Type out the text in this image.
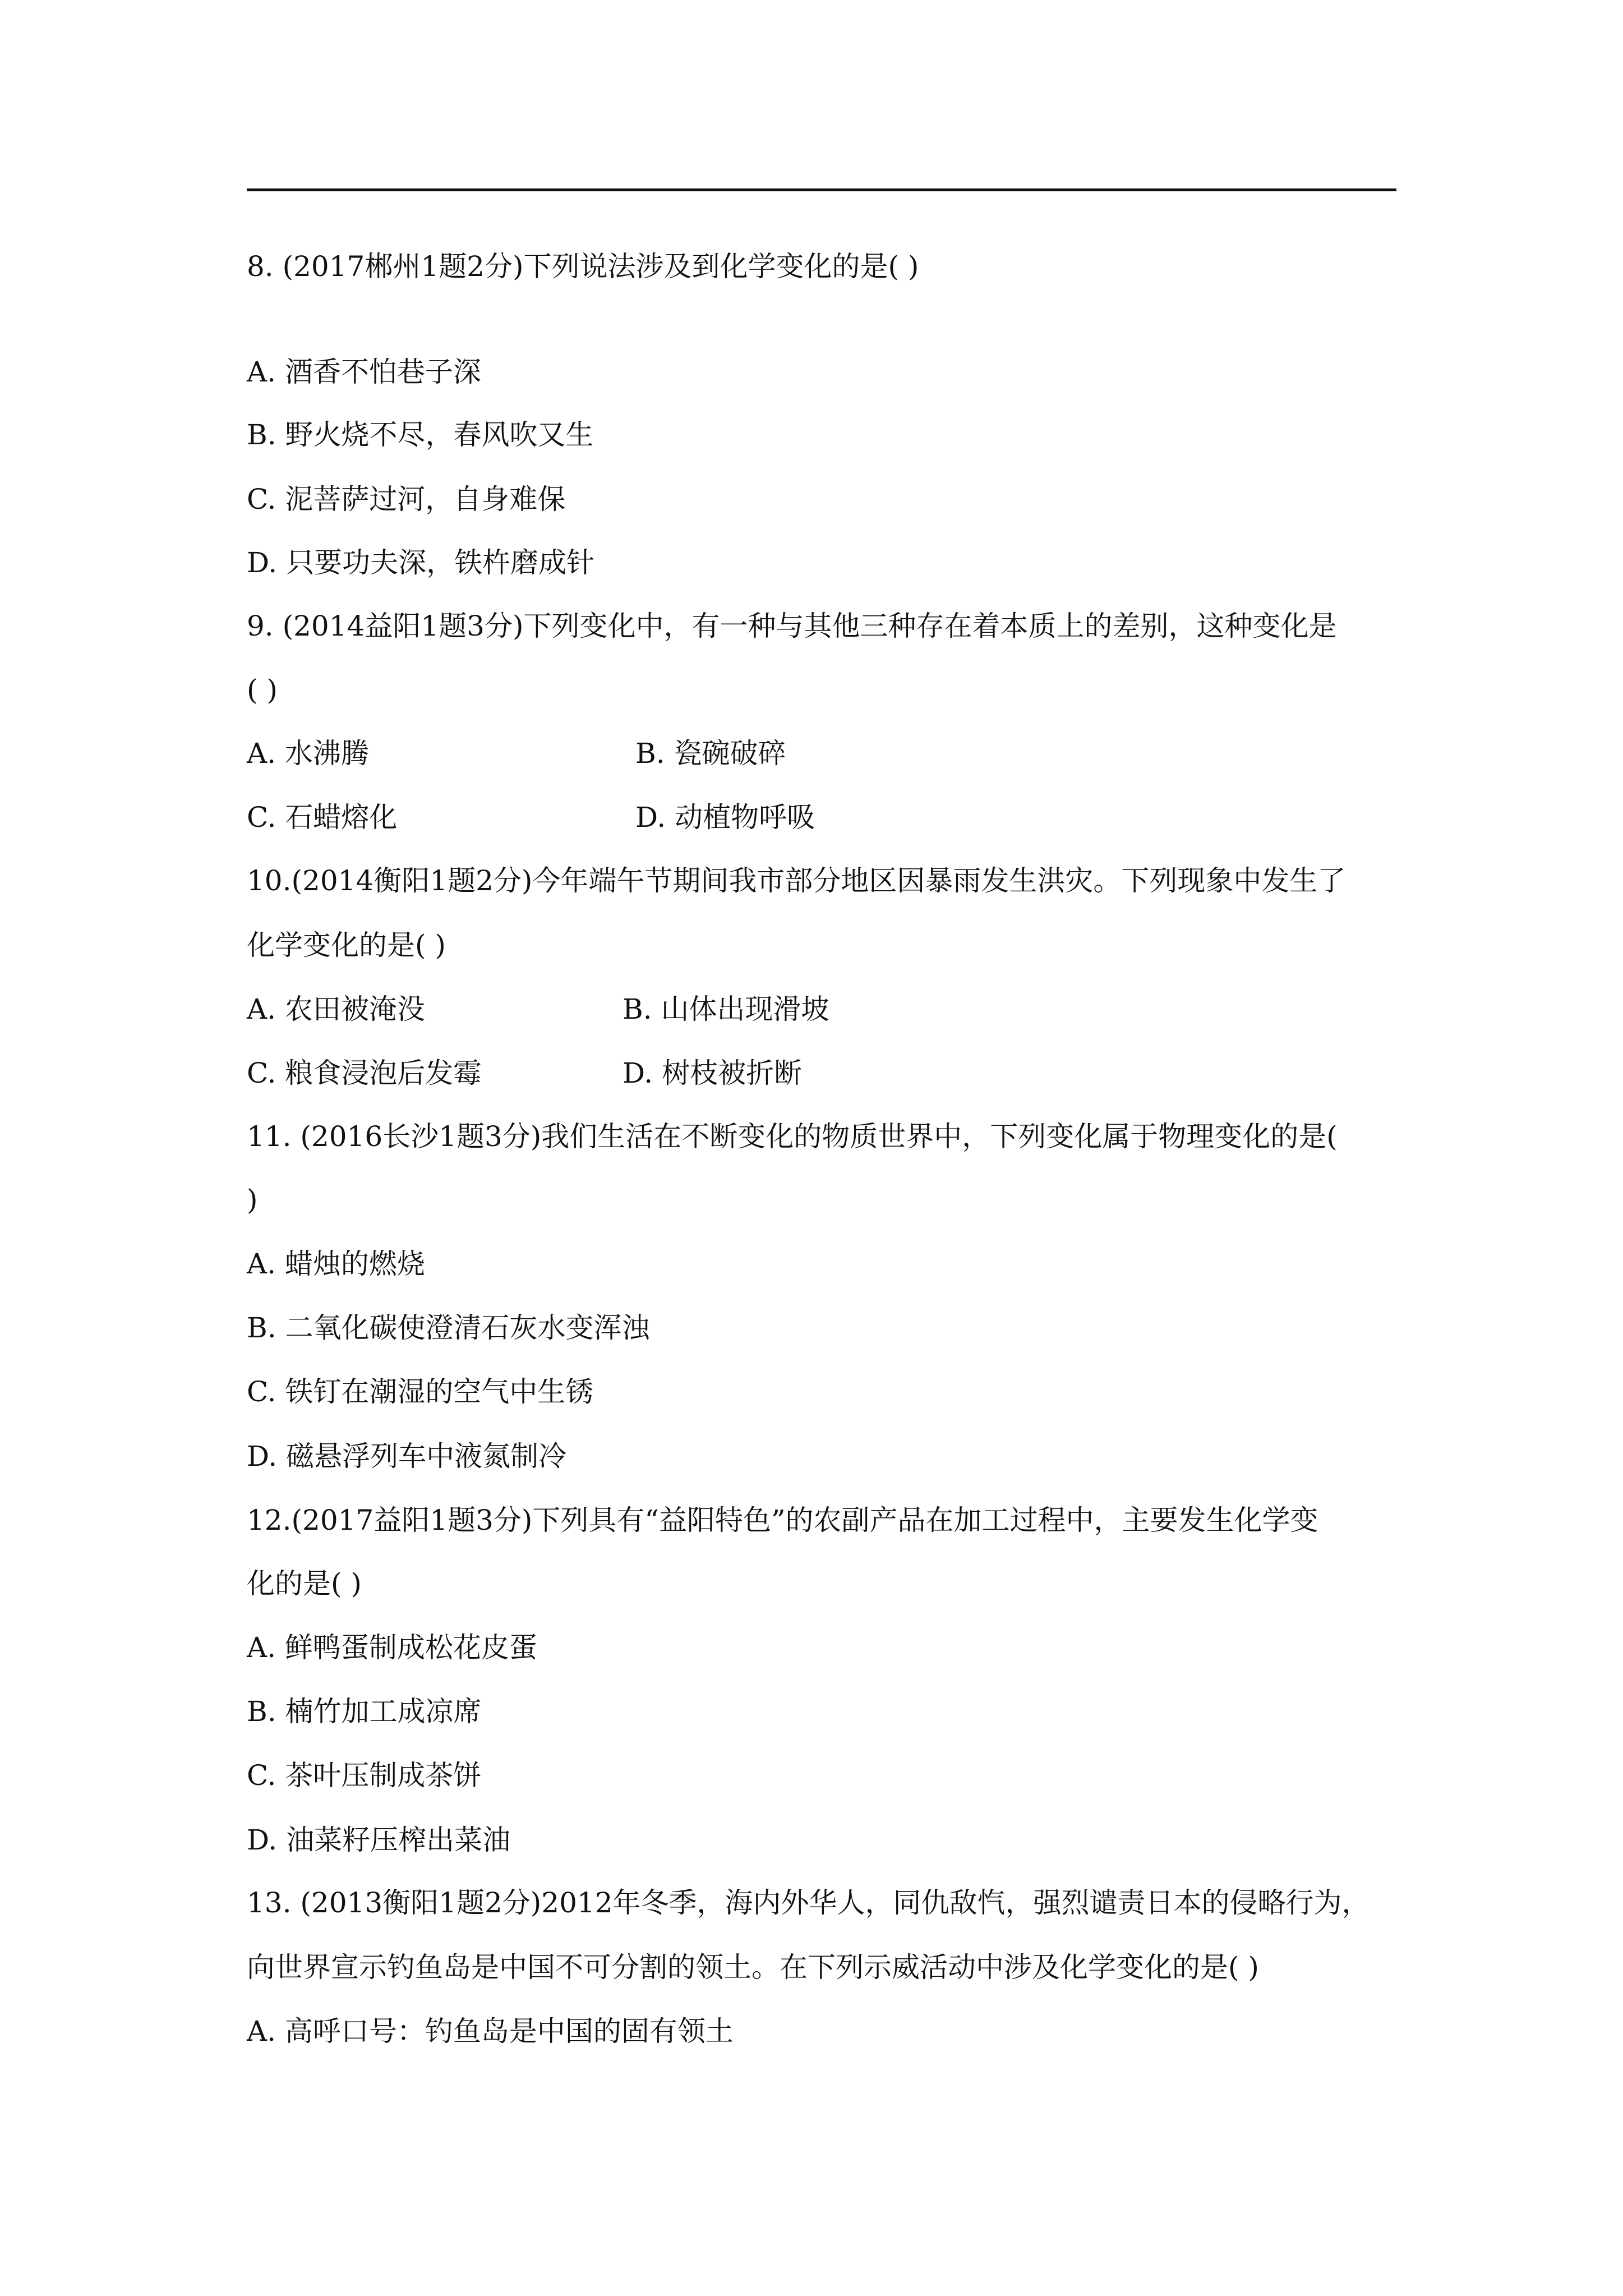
8. (2017郴州1题2分)下列说法涉及到化学变化的是( )
A. 酒香不怕巷子深
B. 野火烧不尽，春风吹又生
C. 泥菩萨过河，自身难保
D. 只要功夫深，铁杵磨成针
9. (2014益阳1题3分)下列变化中，有一种与其他三种存在着本质上的差别，这种变化是
( )
A. 水沸腾	B. 瓷碗破碎
C. 石蜡熔化	D. 动植物呼吸
10.(2014衡阳1题2分)今年端午节期间我市部分地区因暴雨发生洪灾。下列现象中发生了
化学变化的是( )
A. 农田被淹没	B. 山体出现滑坡
C. 粮食浸泡后发霉	D. 树枝被折断
11. (2016长沙1题3分)我们生活在不断变化的物质世界中，下列变化属于物理变化的是(
)
A. 蜡烛的燃烧
B. 二氧化碳使澄清石灰水变浑浊
C. 铁钉在潮湿的空气中生锈
D. 磁悬浮列车中液氮制冷
12.(2017益阳1题3分)下列具有“益阳特色”的农副产品在加工过程中，主要发生化学变
化的是( )
A. 鲜鸭蛋制成松花皮蛋
B. 楠竹加工成凉席
C. 茶叶压制成茶饼
D. 油菜籽压榨出菜油
13. (2013衡阳1题2分)2012年冬季，海内外华人，同仇敌忾，强烈谴责日本的侵略行为，
向世界宣示钓鱼岛是中国不可分割的领土。在下列示威活动中涉及化学变化的是( )
A. 高呼口号：钓鱼岛是中国的固有领土
